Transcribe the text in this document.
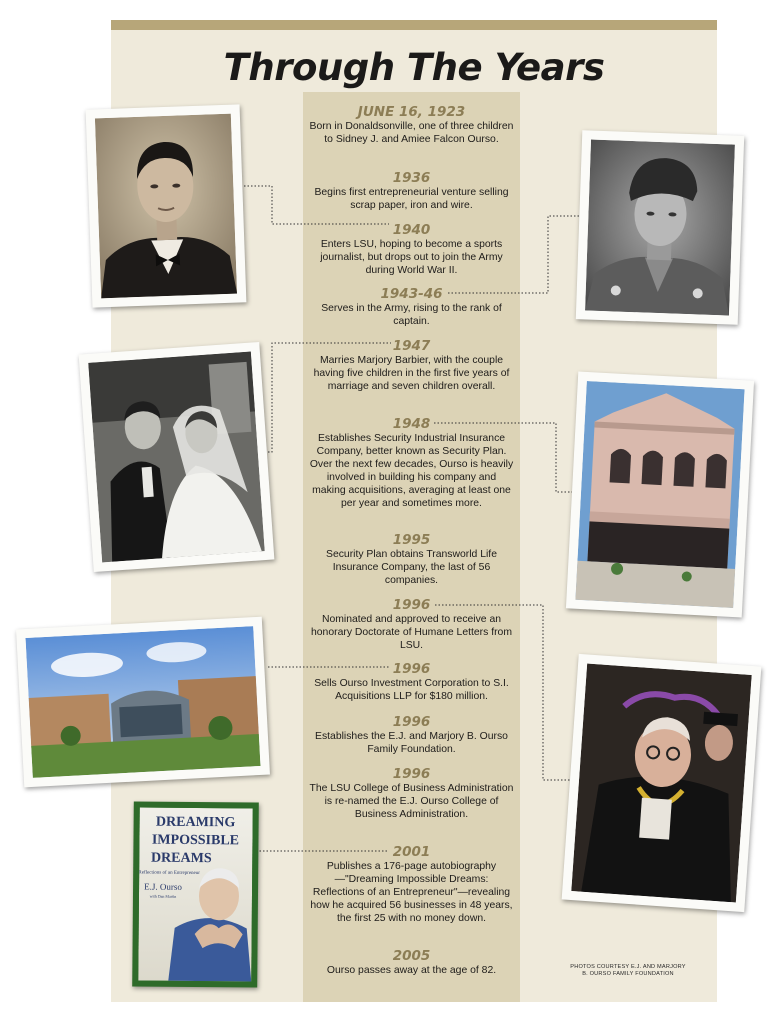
Through The Years
JUNE 16, 1923
Born in Donaldsonville, one of three children to Sidney J. and Amiee Falcon Ourso.
1936
Begins first entrepreneurial venture selling scrap paper, iron and wire.
1940
Enters LSU, hoping to become a sports journalist, but drops out to join the Army during World War II.
1943-46
Serves in the Army, rising to the rank of captain.
1947
Marries Marjory Barbier, with the couple having five children in the first five years of marriage and seven children overall.
1948
Establishes Security Industrial Insurance Company, better known as Security Plan. Over the next few decades, Ourso is heavily involved in building his company and making acquisitions, averaging at least one per year and sometimes more.
1995
Security Plan obtains Transworld Life Insurance Company, the last of 56 companies.
1996
Nominated and approved to receive an honorary Doctorate of Humane Letters from LSU.
1996
Sells Ourso Investment Corporation to S.I. Acquisitions LLP for $180 million.
1996
Establishes the E.J. and Marjory B. Ourso Family Foundation.
1996
The LSU College of Business Administration is re-named the E.J. Ourso College of Business Administration.
2001
Publishes a 176-page autobiography—"Dreaming Impossible Dreams: Reflections of an Entrepreneur"—revealing how he acquired 56 businesses in 48 years, the first 25 with no money down.
2005
Ourso passes away at the age of 82.
DREAMING
IMPOSSIBLE
DREAMS
Reflections of an Entrepreneur
E.J. Ourso
with Dan Martin
PHOTOS COURTESY E.J. AND MARJORY
B. OURSO FAMILY FOUNDATION
